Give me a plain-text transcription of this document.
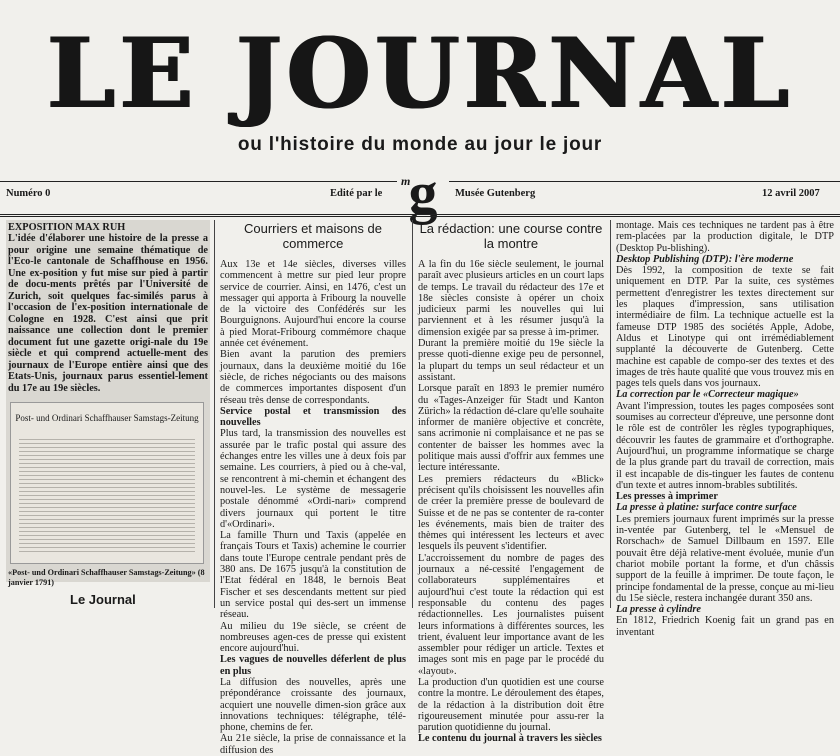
LE JOURNAL
ou l'histoire du monde au jour le jour
Numéro 0	Edité par le	Musée Gutenberg	12 avril 2007
m
g
EXPOSITION MAX RUH
L'idée d'élaborer une histoire de la presse a pour origine une semaine thématique de l'Eco-le cantonale de Schaffhouse en 1956. Une ex-position y fut mise sur pied à partir de docu-ments prêtés par l'Université de Zurich, soit quelques fac-similés parus à l'occasion de l'ex-position internationale de Cologne en 1928. C'est ainsi que prit naissance une collection dont le premier document fut une gazette origi-nale du 19e siècle et qui comprend actuelle-ment des journaux de l'Europe entière ainsi que des Etats-Unis, journaux parus essentiel-lement du 17e au 19e siècles.
Post- und Ordinari Schaffhauser Samstags-Zeitung
«Post- und Ordinari Schaffhauser Samstags-Zeitung» (8 janvier 1791)
Le Journal
Courriers et maisons de commerce

Aux 13e et 14e siècles, diverses villes commencent à mettre sur pied leur propre service de courrier. Ainsi, en 1476, c'est un messager qui apporta à Fribourg la nouvelle de la victoire des Confédérés sur les Bourguignons. Aujourd'hui encore la course à pied Morat-Fribourg commémore chaque année cet événement.

Bien avant la parution des premiers journaux, dans la deuxième moitié du 16e siècle, de riches négociants ou des maisons de commerces importantes disposent d'un réseau très dense de correspondants.

Service postal et transmission des nouvelles

Plus tard, la transmission des nouvelles est assurée par le trafic postal qui assure des échanges entre les villes une à deux fois par semaine. Les courriers, à pied ou à che-val, se rencontrent à mi-chemin et échangent des nouvel-les. Le système de messagerie postale dénommé «Ordi-nari» comprend divers journaux qui portent le titre d'«Ordinari».

La famille Thurn und Taxis (appelée en français Tours et Taxis) achemine le courrier dans toute l'Europe centrale pendant près de 380 ans. De 1675 jusqu'à la constitution de l'Etat fédéral en 1848, le bernois Beat Fischer et ses descendants mettent sur pied un service postal qui des-sert un immense réseau.

Au milieu du 19e siècle, se créent de nombreuses agen-ces de presse qui existent encore aujourd'hui.

Les vagues de nouvelles déferlent de plus en plus

La diffusion des nouvelles, après une prépondérance croissante des journaux, acquiert une nouvelle dimen-sion grâce aux innovations techniques: télégraphe, télé-phone, chemins de fer.

Au 21e siècle, la prise de connaissance et la diffusion des

La rédaction: une course contre la montre

A la fin du 16e siècle seulement, le journal paraît avec plusieurs articles en un court laps de temps. Le travail du rédacteur des 17e et 18e siècles consiste à opérer un choix judicieux parmi les nouvelles qui lui parviennent et à les résumer jusqu'à la dimension exigée par sa presse à im-primer.

Durant la première moitié du 19e siècle la presse quoti-dienne exige peu de personnel, la plupart du temps un seul rédacteur et un assistant.

Lorsque paraît en 1893 le premier numéro du «Tages-Anzeiger für Stadt und Kanton Zürich» la rédaction dé-clare qu'elle souhaite informer de manière objective et concrète, sans acrimonie ni complaisance et ne pas se contenter de baisser les hommes avec la politique mais aussi d'offrir aux femmes une lecture intéressante.

Les premiers rédacteurs du «Blick» précisent qu'ils choisissent les nouvelles afin de créer la première presse de boulevard de Suisse et de ne pas se contenter de ra-conter les événements, mais bien de traiter des thèmes qui intéressent les lecteurs et avec lesquels ils peuvent s'identifier.

L'accroissement du nombre de pages des journaux a né-cessité l'engagement de collaborateurs supplémentaires et aujourd'hui c'est toute la rédaction qui est responsable du contenu des pages rédactionnelles. Les journalistes puisent leurs informations à différentes sources, les trient, évaluent leur importance avant de les assembler pour rédiger un article. Textes et images sont mis en page par le procédé du «layout».

La production d'un quotidien est une course contre la montre. Le déroulement des étapes, de la rédaction à la distribution doit être rigoureusement minutée pour assu-rer la parution quotidienne du journal.

Le contenu du journal à travers les siècles

montage. Mais ces techniques ne tardent pas à être rem-placées par la production digitale, le DTP (Desktop Pu-blishing).

Desktop Publishing (DTP): l'ère moderne

Dès 1992, la composition de texte se fait uniquement en DTP. Par la suite, ces systèmes permettent d'enregistrer les textes directement sur les plaques d'impression, sans utilisation intermédiaire de film. La technique actuelle est la fameuse DTP 1985 des sociétés Apple, Adobe, Aldus et Linotype qui ont irrémédiablement supplanté la découverte de Gutenberg. Cette machine est capable de compo-ser des textes et des images de très haute qualité que vous trouvez mis en pages tels quels dans vos journaux.

La correction par le «Correcteur magique»

Avant l'impression, toutes les pages composées sont soumises au correcteur d'épreuve, une personne dont le rôle est de contrôler les règles typographiques, découvrir les fautes de grammaire et d'orthographe. Aujourd'hui, un programme informatique se charge de la plus grande part du travail de correction, mais il est incapable de dis-tinguer les fautes de contenu d'un texte et autres innom-brables subtilités.

Les presses à imprimer

La presse à platine: surface contre surface

Les premiers journaux furent imprimés sur la presse in-ventée par Gutenberg, tel le «Mensuel de Rorschach» de Samuel Dillbaum en 1597. Elle pouvait être déjà relative-ment évoluée, munie d'un chariot mobile portant la forme, et d'un châssis support de la feuille à imprimer. De toute façon, le principe fondamental de la presse, conçue au mi-lieu du 15e siècle, restera inchangée durant 350 ans.

La presse à cylindre

En 1812, Friedrich Koenig fait un grand pas en inventant
